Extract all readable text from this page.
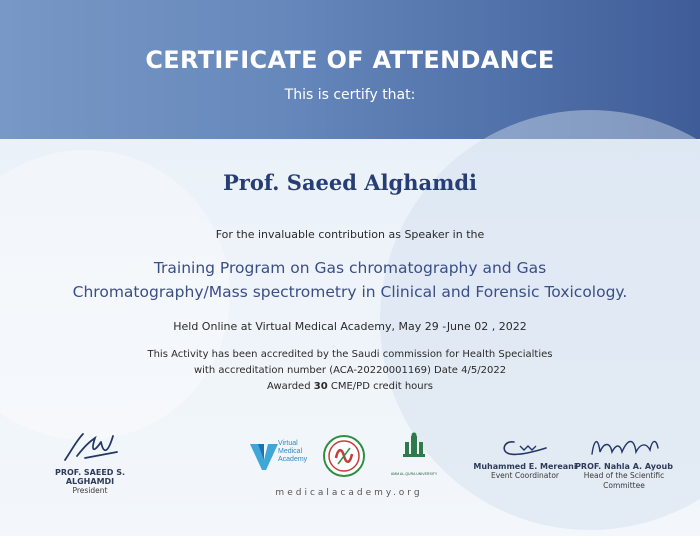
CERTIFICATE OF ATTENDANCE
This is certify that:
Prof. Saeed Alghamdi
For the invaluable contribution as Speaker in the
Training Program on Gas chromatography and Gas
Chromatography/Mass spectrometry in Clinical and Forensic Toxicology.
Held Online at Virtual Medical Academy, May 29 -June 02 , 2022
This Activity has been accredited by the Saudi commission for Health Specialties
with accreditation number (ACA-20220001169) Date 4/5/2022
Awarded 30 CME/PD credit hours
PROF. SAEED S. ALGHAMDI
President
Virtual
Medical
Academy
UMM AL-QURA UNIVERSITY
medicalacademy.org
Muhammed E. Mereani
Event Coordinator
PROF. Nahla A. Ayoub
Head of the Scientific
Committee
